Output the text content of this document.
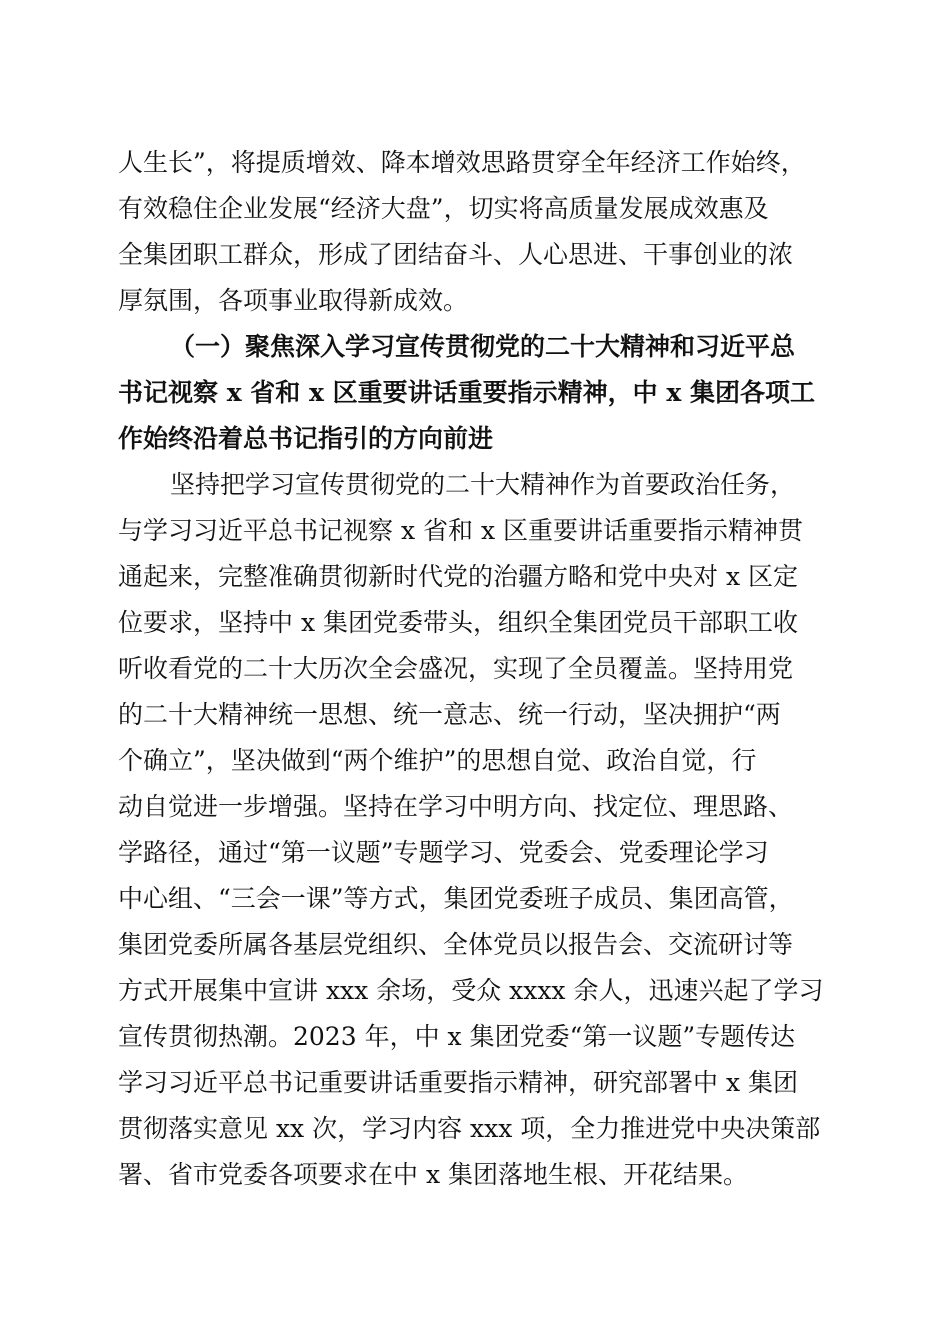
人生长”，将提质增效、降本增效思路贯穿全年经济工作始终，
有效稳住企业发展“经济大盘”，切实将高质量发展成效惠及
全集团职工群众，形成了团结奋斗、人心思进、干事创业的浓
厚氛围，各项事业取得新成效。
（一）聚焦深入学习宣传贯彻党的二十大精神和习近平总
书记视察 x 省和 x 区重要讲话重要指示精神，中 x 集团各项工
作始终沿着总书记指引的方向前进
坚持把学习宣传贯彻党的二十大精神作为首要政治任务，
与学习习近平总书记视察 x 省和 x 区重要讲话重要指示精神贯
通起来，完整准确贯彻新时代党的治疆方略和党中央对 x 区定
位要求，坚持中 x 集团党委带头，组织全集团党员干部职工收
听收看党的二十大历次全会盛况，实现了全员覆盖。坚持用党
的二十大精神统一思想、统一意志、统一行动，坚决拥护“两
个确立”，坚决做到“两个维护”的思想自觉、政治自觉，行
动自觉进一步增强。坚持在学习中明方向、找定位、理思路、
学路径，通过“第一议题”专题学习、党委会、党委理论学习
中心组、“三会一课”等方式，集团党委班子成员、集团高管，
集团党委所属各基层党组织、全体党员以报告会、交流研讨等
方式开展集中宣讲 xxx 余场，受众 xxxx 余人，迅速兴起了学习
宣传贯彻热潮。2023 年，中 x 集团党委“第一议题”专题传达
学习习近平总书记重要讲话重要指示精神，研究部署中 x 集团
贯彻落实意见 xx 次，学习内容 xxx 项，全力推进党中央决策部
署、省市党委各项要求在中 x 集团落地生根、开花结果。
